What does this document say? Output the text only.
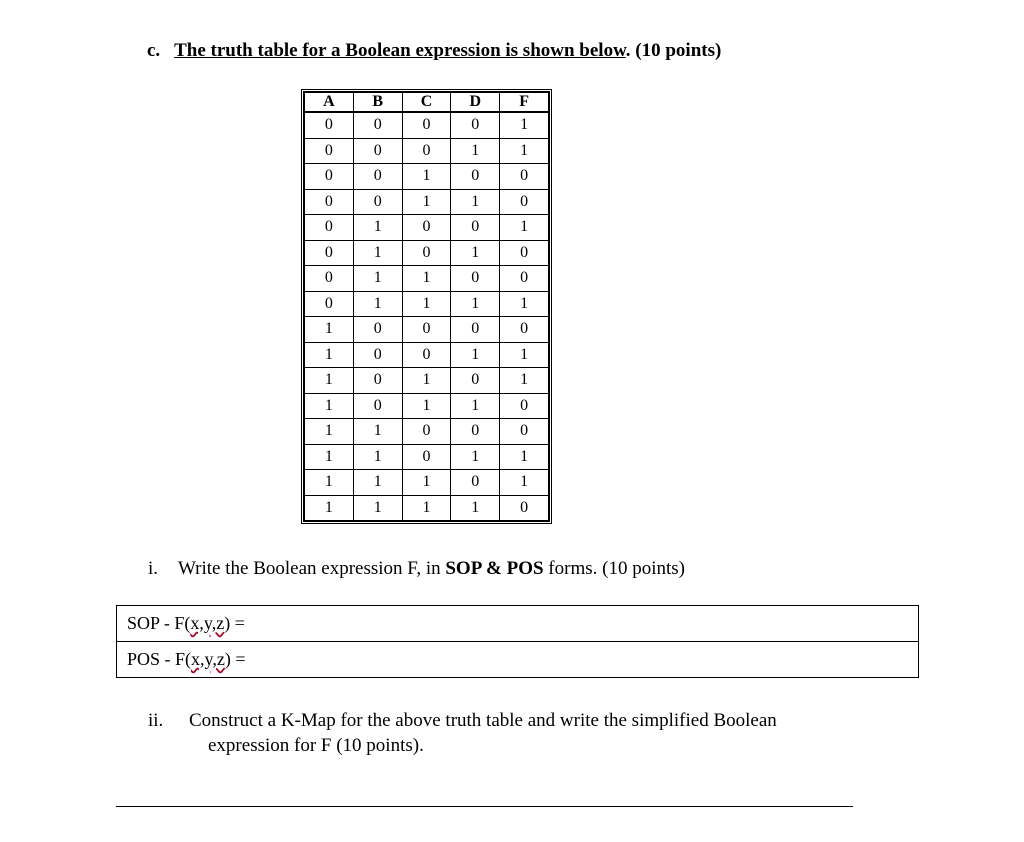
c. The truth table for a Boolean expression is shown below. (10 points)
A	B	C	D	F
0	0	0	0	1
0	0	0	1	1
0	0	1	0	0
0	0	1	1	0
0	1	0	0	1
0	1	0	1	0
0	1	1	0	0
0	1	1	1	1
1	0	0	0	0
1	0	0	1	1
1	0	1	0	1
1	0	1	1	0
1	1	0	0	0
1	1	0	1	1
1	1	1	0	1
1	1	1	1	0
i. Write the Boolean expression F, in SOP & POS forms. (10 points)
SOP - F(x,y,z) =
POS - F(x,y,z) =
ii.	Construct a K-Map for the above truth table and write the simplified Boolean
expression for F (10 points).
